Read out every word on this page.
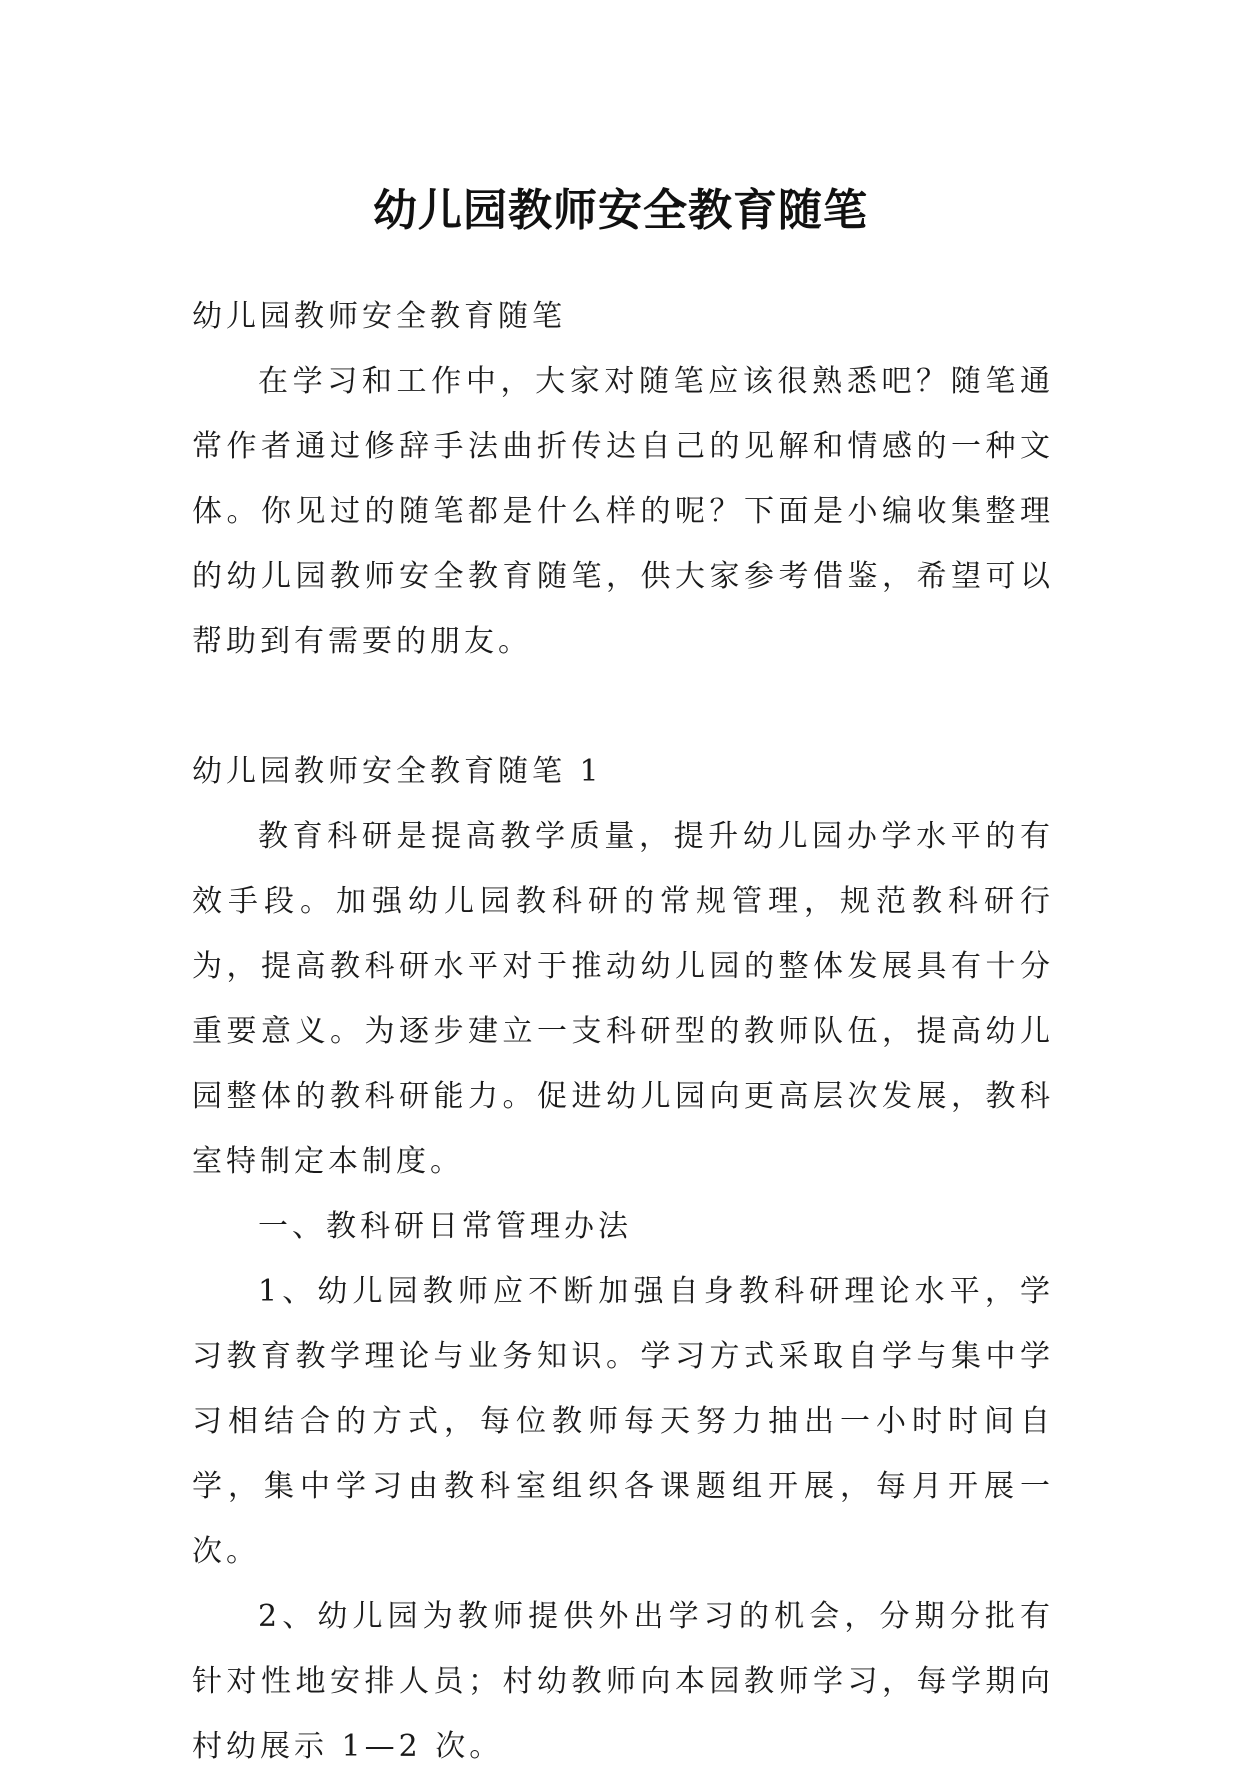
幼儿园教师安全教育随笔

幼儿园教师安全教育随笔

在学习和工作中，大家对随笔应该很熟悉吧？随笔通常作者通过修辞手法曲折传达自己的见解和情感的一种文体。你见过的随笔都是什么样的呢？下面是小编收集整理的幼儿园教师安全教育随笔，供大家参考借鉴，希望可以帮助到有需要的朋友。

幼儿园教师安全教育随笔 1

教育科研是提高教学质量，提升幼儿园办学水平的有效手段。加强幼儿园教科研的常规管理，规范教科研行为，提高教科研水平对于推动幼儿园的整体发展具有十分重要意义。为逐步建立一支科研型的教师队伍，提高幼儿园整体的教科研能力。促进幼儿园向更高层次发展，教科室特制定本制度。

一、教科研日常管理办法

1、幼儿园教师应不断加强自身教科研理论水平，学习教育教学理论与业务知识。学习方式采取自学与集中学习相结合的方式，每位教师每天努力抽出一小时时间自学，集中学习由教科室组织各课题组开展，每月开展一次。

2、幼儿园为教师提供外出学习的机会，分期分批有针对性地安排人员；村幼教师向本园教师学习，每学期向村幼展示 1—2 次。
